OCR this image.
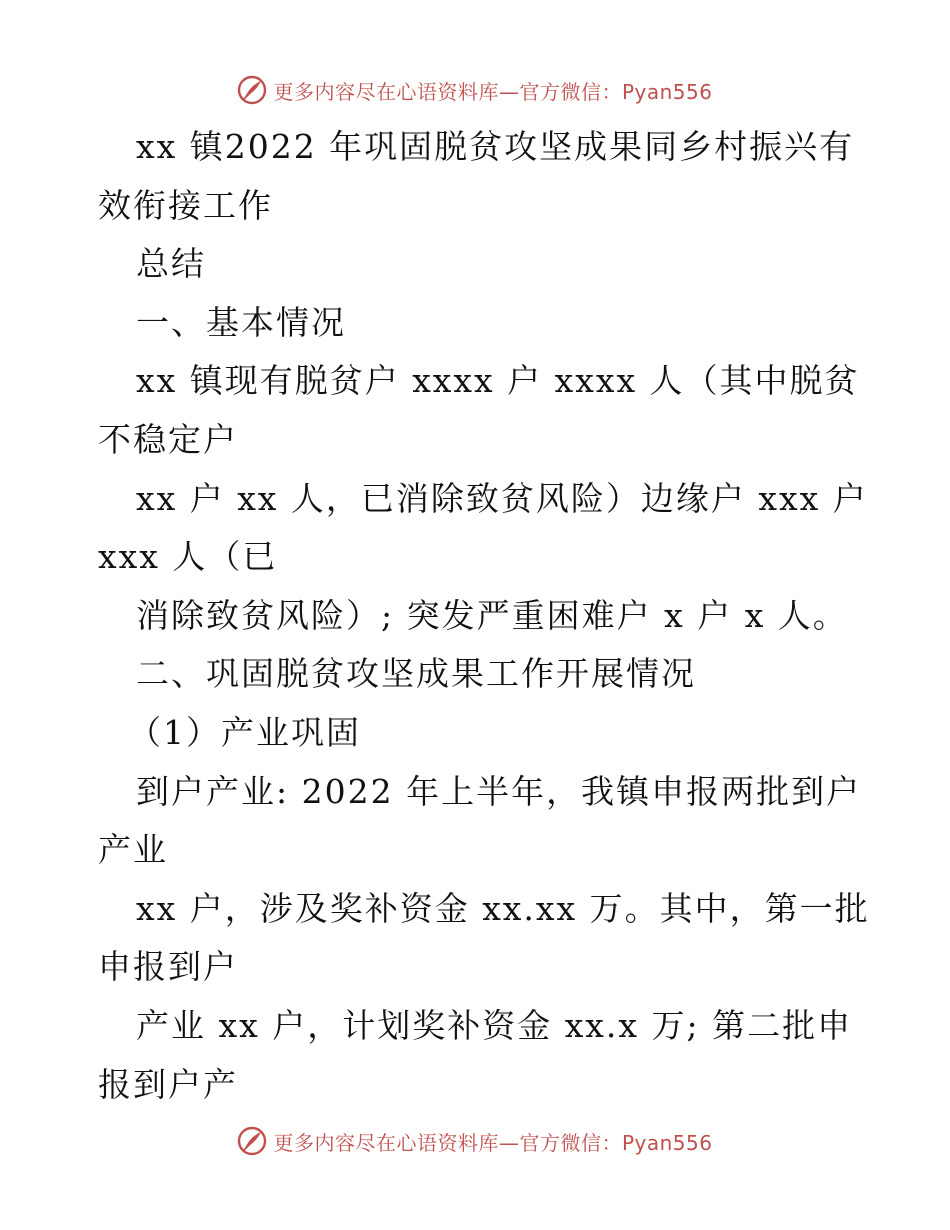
更多内容尽在心语资料库—官方微信：Pyan556
xx 镇2022 年巩固脱贫攻坚成果同乡村振兴有
效衔接工作
总结
一、基本情况
xx 镇现有脱贫户 xxxx 户 xxxx 人（其中脱贫
不稳定户
xx 户 xx 人，已消除致贫风险）边缘户 xxx 户
xxx 人（已
消除致贫风险）; 突发严重困难户 x 户 x 人。
二、巩固脱贫攻坚成果工作开展情况
（1）产业巩固
到户产业: 2022 年上半年，我镇申报两批到户
产业
xx 户，涉及奖补资金 xx.xx 万。其中，第一批
申报到户
产业 xx 户，计划奖补资金 xx.x 万; 第二批申
报到户产
更多内容尽在心语资料库—官方微信：Pyan556
